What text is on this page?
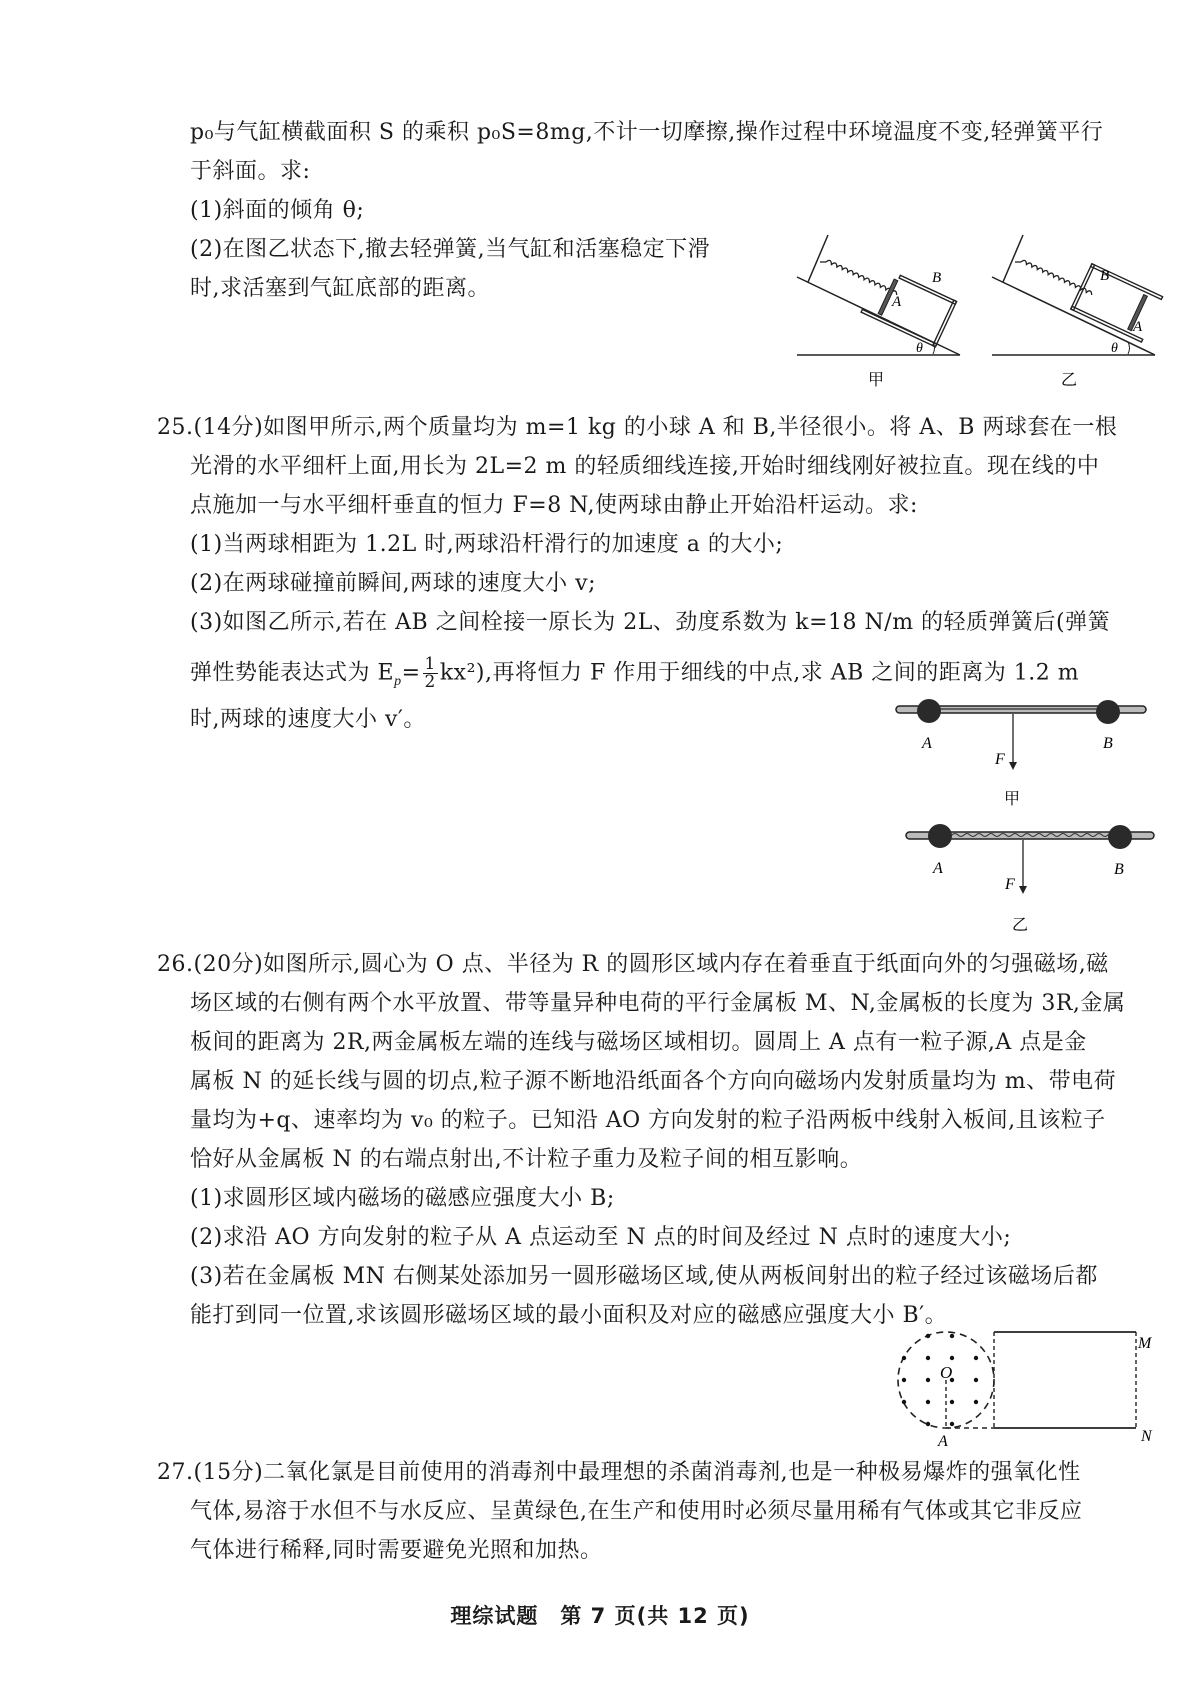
p₀与气缸横截面积 S 的乘积 p₀S=8mg,不计一切摩擦,操作过程中环境温度不变,轻弹簧平行
于斜面。求:
(1)斜面的倾角 θ;
(2)在图乙状态下,撤去轻弹簧,当气缸和活塞稳定下滑
时,求活塞到气缸底部的距离。	B
A
θ
甲
B
A
θ
乙
25.(14分)如图甲所示,两个质量均为 m=1 kg 的小球 A 和 B,半径很小。将 A、B 两球套在一根
光滑的水平细杆上面,用长为 2L=2 m 的轻质细线连接,开始时细线刚好被拉直。现在线的中
点施加一与水平细杆垂直的恒力 F=8 N,使两球由静止开始沿杆运动。求:
(1)当两球相距为 1.2L 时,两球沿杆滑行的加速度 a 的大小;
(2)在两球碰撞前瞬间,两球的速度大小 v;
(3)如图乙所示,若在 AB 之间栓接一原长为 2L、劲度系数为 k=18 N/m 的轻质弹簧后(弹簧
弹性势能表达式为 $E_p= \frac{1}{2} kx^2$),再将恒力 F 作用于细线的中点,求 AB 之间的距离为 1.2 m
时,两球的速度大小 v′。
A	B
F
甲
A	B
F
乙
26.(20分)如图所示,圆心为 O 点、半径为 R 的圆形区域内存在着垂直于纸面向外的匀强磁场,磁
场区域的右侧有两个水平放置、带等量异种电荷的平行金属板 M、N,金属板的长度为 3R,金属
板间的距离为 2R,两金属板左端的连线与磁场区域相切。圆周上 A 点有一粒子源,A 点是金
属板 N 的延长线与圆的切点,粒子源不断地沿纸面各个方向向磁场内发射质量均为 m、带电荷
量均为+q、速率均为 v₀ 的粒子。已知沿 AO 方向发射的粒子沿两板中线射入板间,且该粒子
恰好从金属板 N 的右端点射出,不计粒子重力及粒子间的相互影响。
(1)求圆形区域内磁场的磁感应强度大小 B;
(2)求沿 AO 方向发射的粒子从 A 点运动至 N 点的时间及经过 N 点时的速度大小;
(3)若在金属板 MN 右侧某处添加另一圆形磁场区域,使从两板间射出的粒子经过该磁场后都
能打到同一位置,求该圆形磁场区域的最小面积及对应的磁感应强度大小 B′。
O
A
M
N
27.(15分)二氧化氯是目前使用的消毒剂中最理想的杀菌消毒剂,也是一种极易爆炸的强氧化性
气体,易溶于水但不与水反应、呈黄绿色,在生产和使用时必须尽量用稀有气体或其它非反应
气体进行稀释,同时需要避免光照和加热。
理综试题　第 7 页(共 12 页)
